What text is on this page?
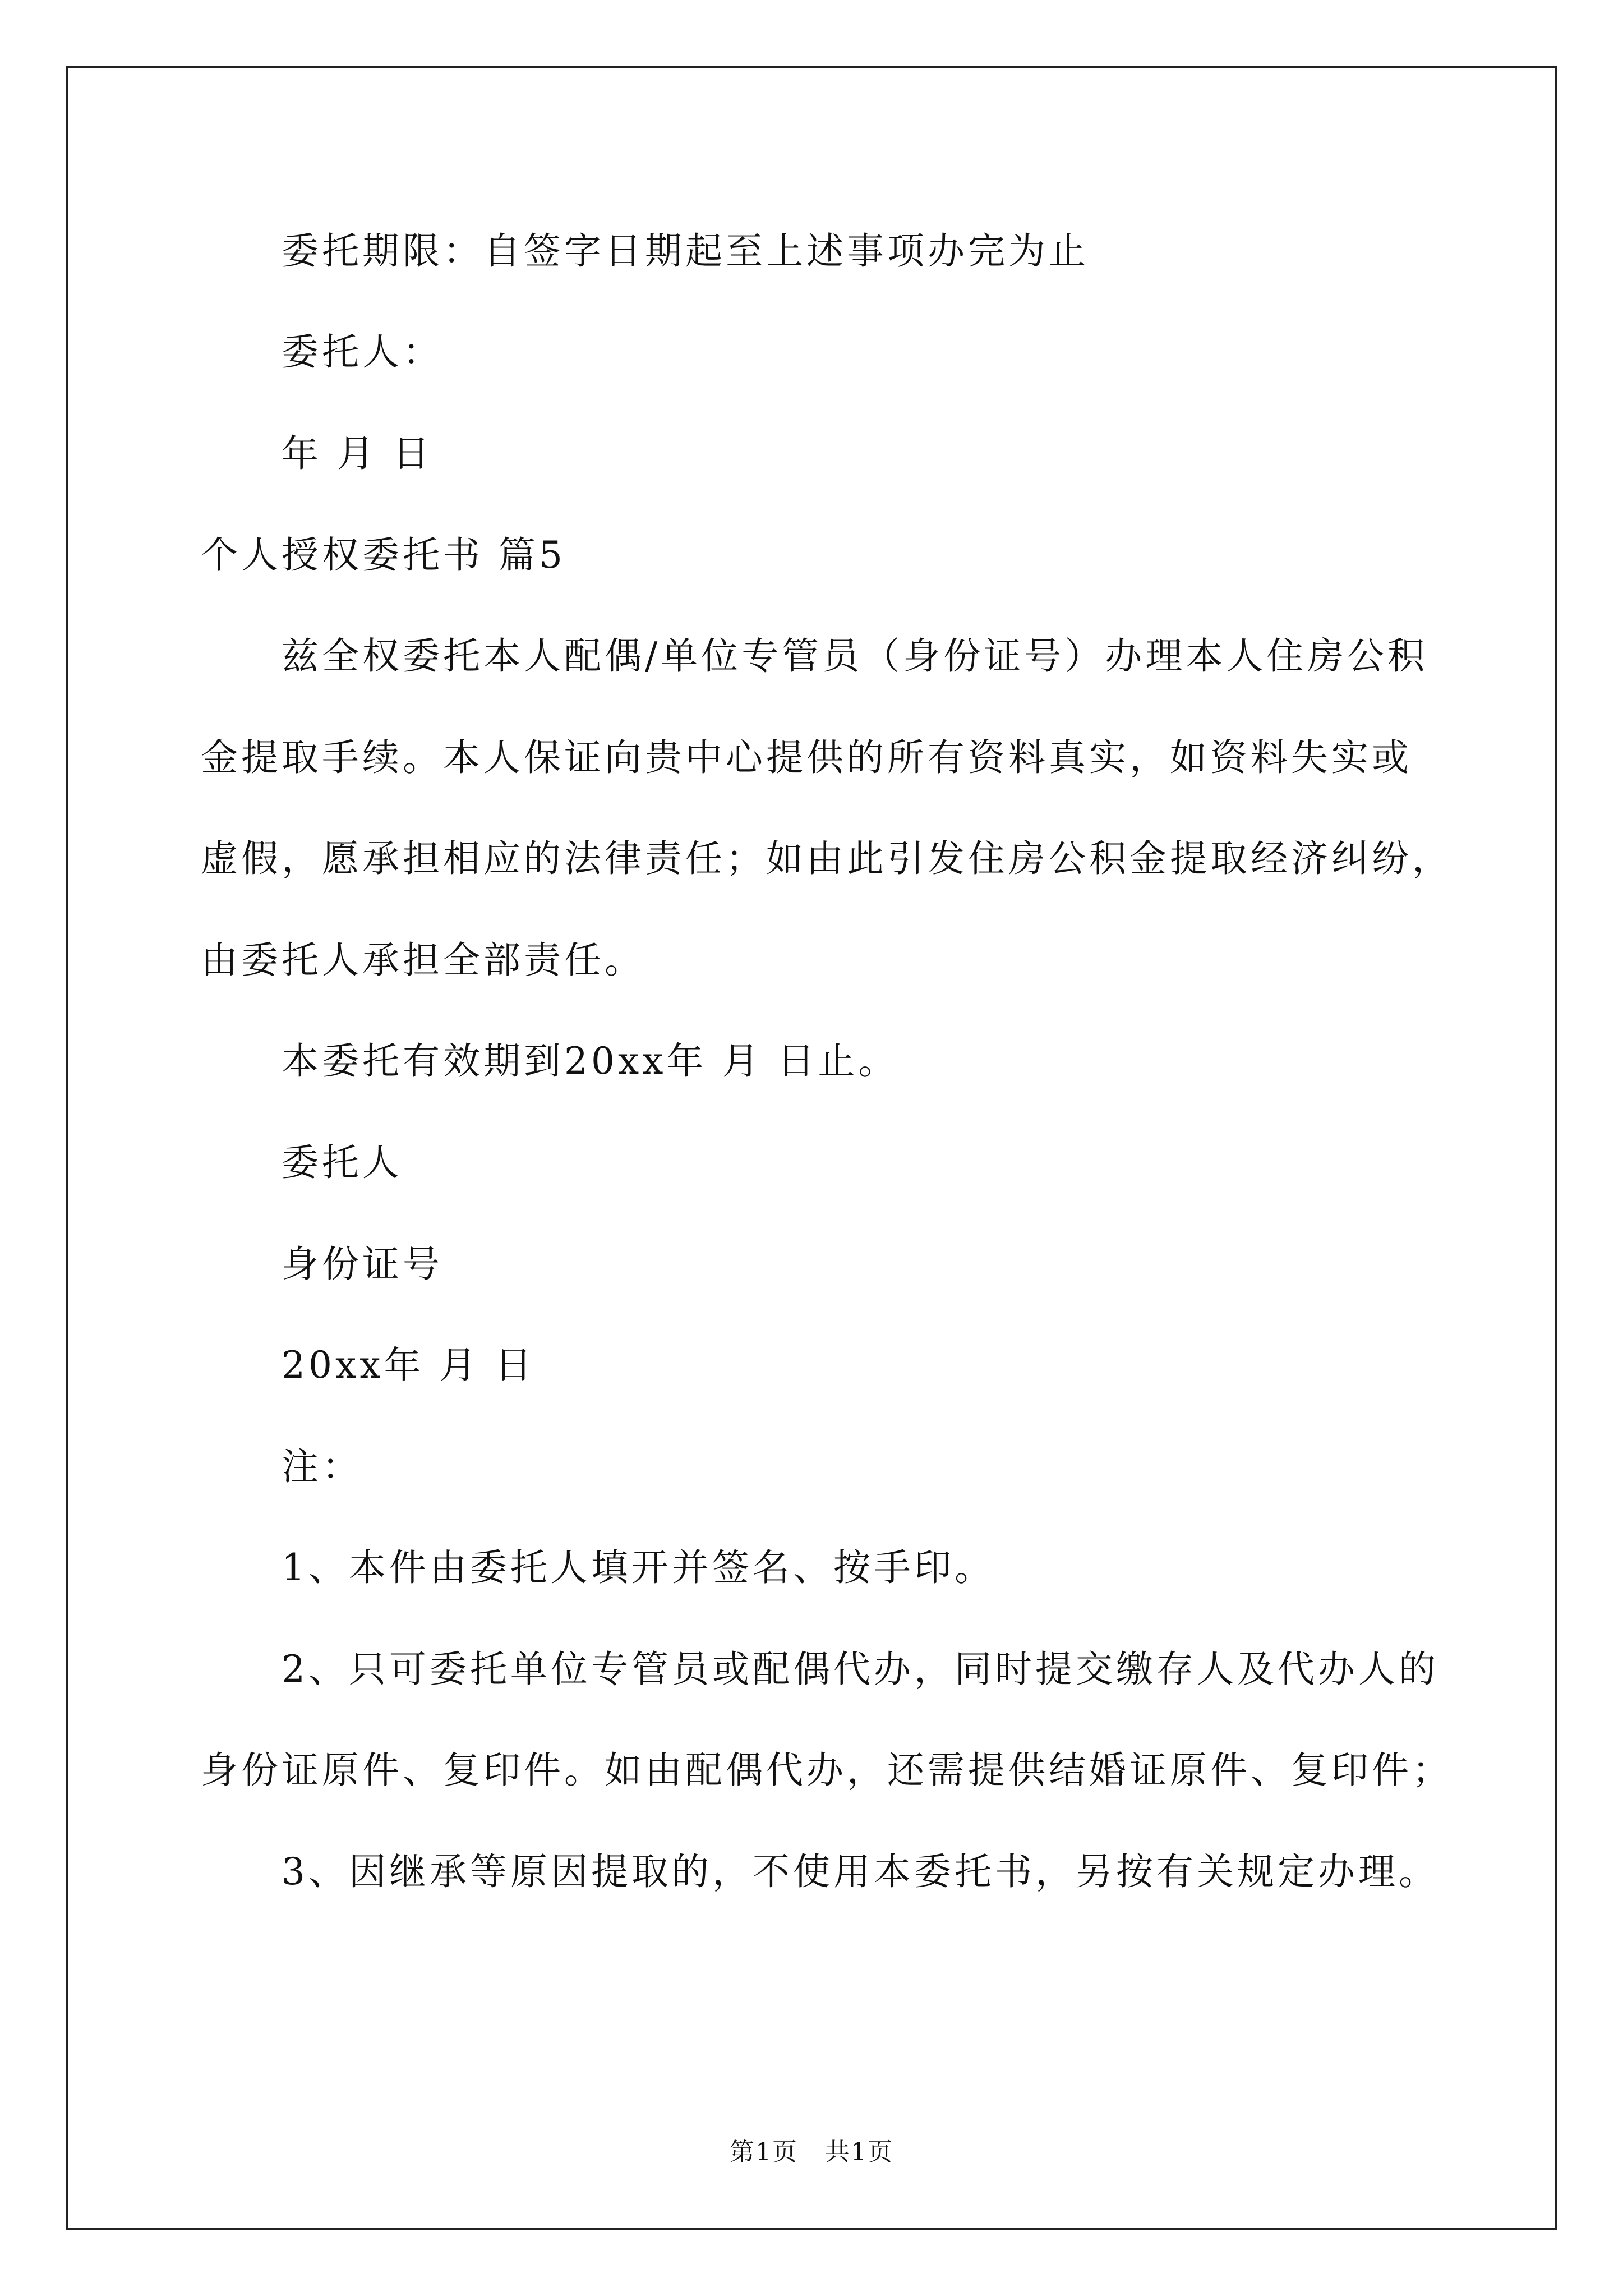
委托期限：自签字日期起至上述事项办完为止
委托人：
年 月 日
个人授权委托书 篇5
兹全权委托本人配偶/单位专管员（身份证号）办理本人住房公积
金提取手续。本人保证向贵中心提供的所有资料真实，如资料失实或
虚假，愿承担相应的法律责任；如由此引发住房公积金提取经济纠纷，
由委托人承担全部责任。
本委托有效期到20xx年 月 日止。
委托人
身份证号
20xx年 月 日
注：
1、本件由委托人填开并签名、按手印。
2、只可委托单位专管员或配偶代办，同时提交缴存人及代办人的
身份证原件、复印件。如由配偶代办，还需提供结婚证原件、复印件；
3、因继承等原因提取的，不使用本委托书，另按有关规定办理。
第1页   共1页
